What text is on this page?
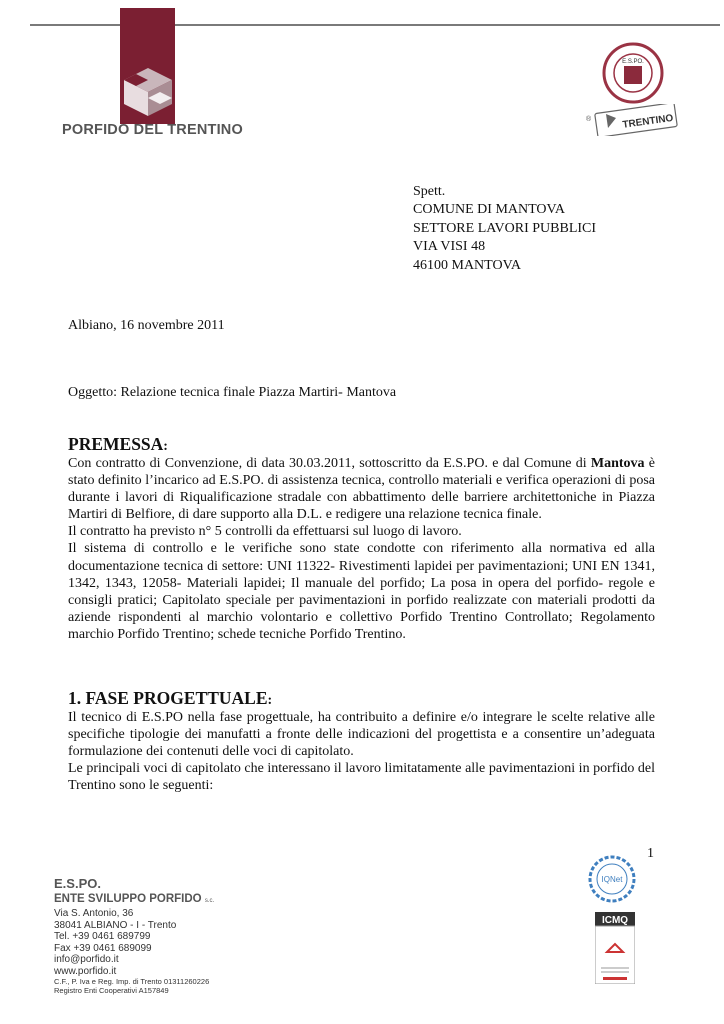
PORFIDO DEL TRENTINO
E.S.PO.
®	TRENTINO
Spett.
COMUNE DI MANTOVA
SETTORE LAVORI PUBBLICI
VIA VISI 48
46100 MANTOVA
Albiano, 16 novembre 2011
Oggetto: Relazione tecnica finale Piazza Martiri- Mantova
PREMESSA:

Con contratto di Convenzione, di data 30.03.2011, sottoscritto da E.S.PO. e dal Comune di Mantova è stato definito l’incarico ad E.S.PO. di assistenza tecnica, controllo materiali e verifica operazioni di posa durante i lavori di Riqualificazione stradale con abbattimento delle barriere architettoniche in Piazza Martiri di Belfiore, di dare supporto alla D.L. e redigere una relazione tecnica finale.

Il contratto ha previsto n° 5 controlli da effettuarsi sul luogo di lavoro.

Il sistema di controllo e le verifiche sono state condotte con riferimento alla normativa ed alla documentazione tecnica di settore: UNI 11322- Rivestimenti lapidei per pavimentazioni; UNI EN 1341, 1342, 1343, 12058- Materiali lapidei; Il manuale del porfido; La posa in opera del porfido- regole e consigli pratici; Capitolato speciale per pavimentazioni in porfido realizzate con materiali prodotti da aziende rispondenti al marchio volontario e collettivo Porfido Trentino Controllato; Regolamento marchio Porfido Trentino; schede tecniche Porfido Trentino.

1. FASE PROGETTUALE:

Il tecnico di E.S.PO nella fase progettuale, ha contribuito a definire e/o integrare le scelte relative alle specifiche tipologie dei manufatti a fronte delle indicazioni del progettista e a consentire un’adeguata formulazione dei contenuti delle voci di capitolato.

Le principali voci di capitolato che interessano il lavoro limitatamente alle pavimentazioni in porfido del Trentino sono le seguenti:

1
E.S.PO.
ENTE SVILUPPO PORFIDO s.c.
Via S. Antonio, 36
38041 ALBIANO - I - Trento
Tel. +39 0461 689799
Fax +39 0461 689099
info@porfido.it
www.porfido.it
C.F., P. Iva e Reg. Imp. di Trento 01311260226
Registro Enti Cooperativi A157849
IQNet
ICMQ
